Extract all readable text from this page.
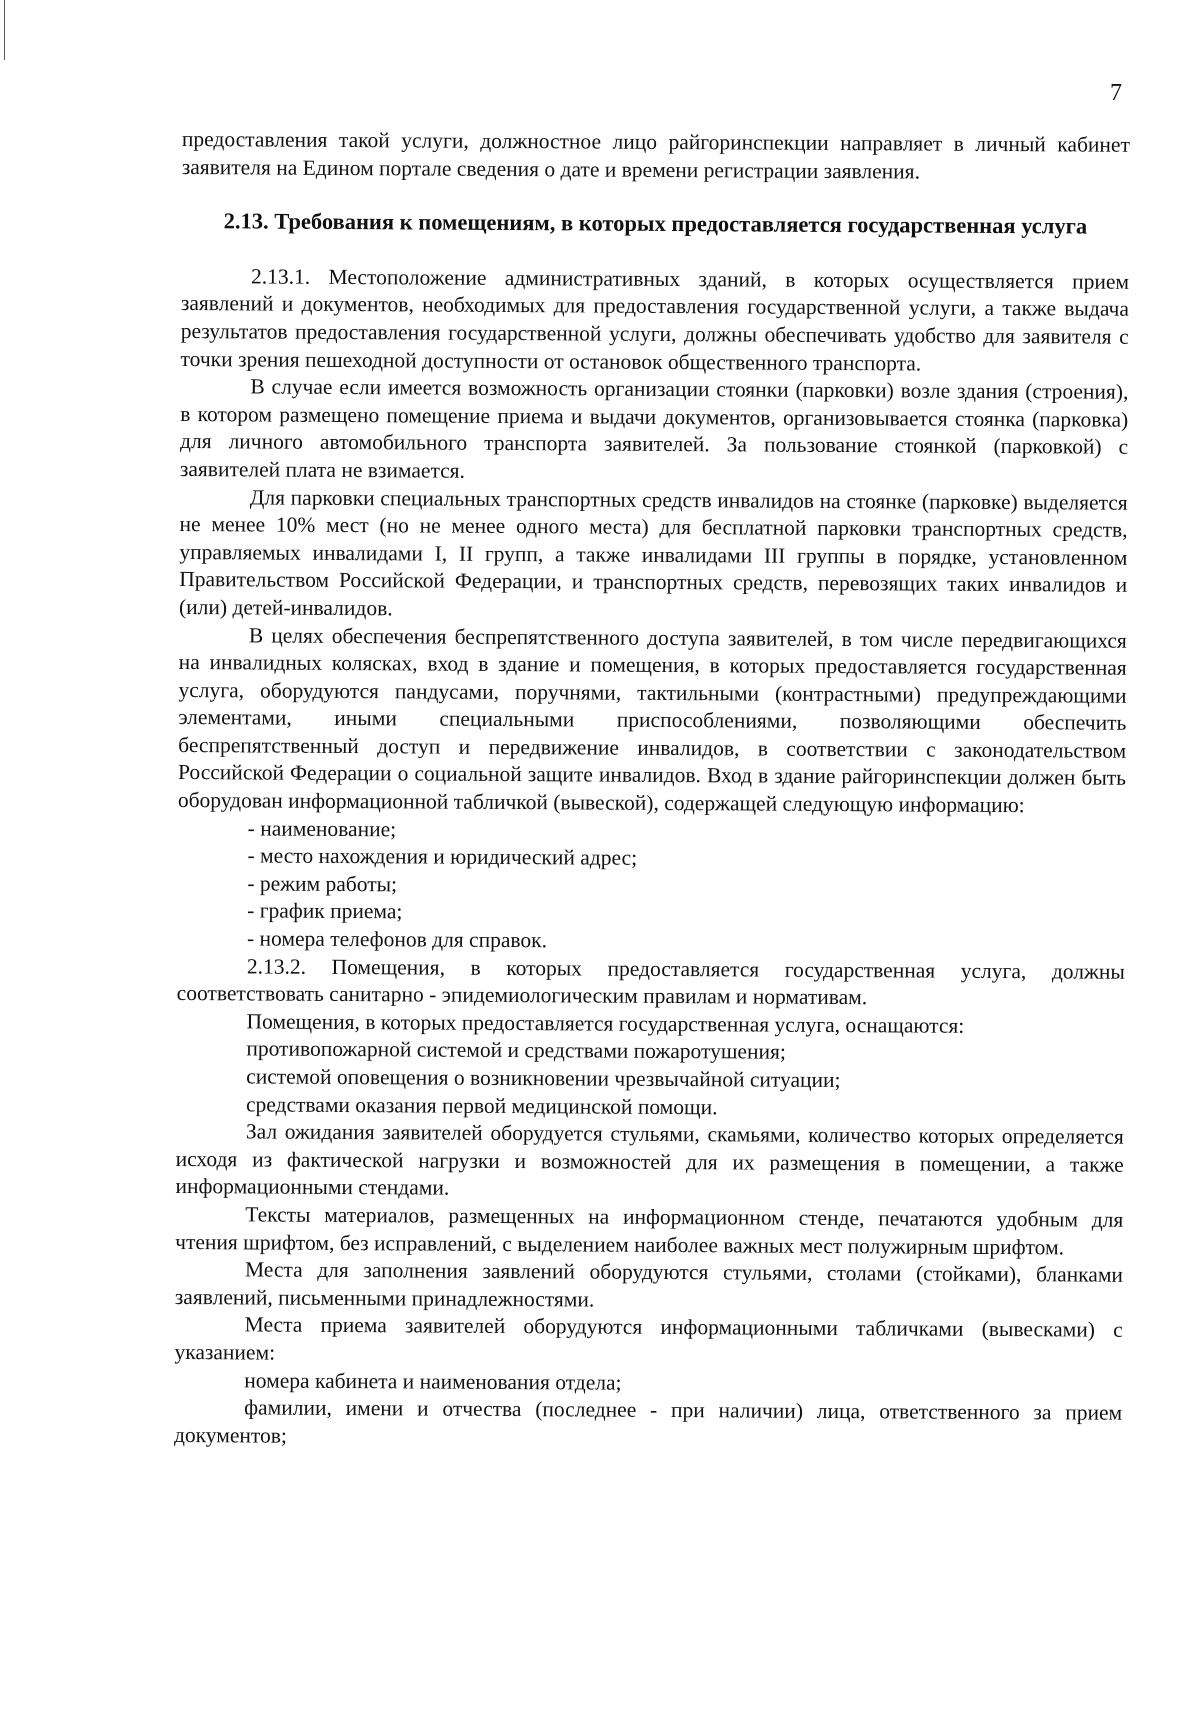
7

предоставления такой услуги, должностное лицо райгоринспекции направляет в личный кабинет заявителя на Едином портале сведения о дате и времени регистрации заявления.

2.13. Требования к помещениям, в которых предоставляется государственная услуга

2.13.1. Местоположение административных зданий, в которых осуществляется прием заявлений и документов, необходимых для предоставления государственной услуги, а также выдача результатов предоставления государственной услуги, должны обеспечивать удобство для заявителя с точки зрения пешеходной доступности от остановок общественного транспорта.

В случае если имеется возможность организации стоянки (парковки) возле здания (строения), в котором размещено помещение приема и выдачи документов, организовывается стоянка (парковка) для личного автомобильного транспорта заявителей. За пользование стоянкой (парковкой) с заявителей плата не взимается.

Для парковки специальных транспортных средств инвалидов на стоянке (парковке) выделяется не менее 10% мест (но не менее одного места) для бесплатной парковки транспортных средств, управляемых инвалидами I, II групп, а также инвалидами III группы в порядке, установленном Правительством Российской Федерации, и транспортных средств, перевозящих таких инвалидов и (или) детей-инвалидов.

В целях обеспечения беспрепятственного доступа заявителей, в том числе передвигающихся на инвалидных колясках, вход в здание и помещения, в которых предоставляется государственная услуга, оборудуются пандусами, поручнями, тактильными (контрастными) предупреждающими элементами, иными специальными приспособлениями, позволяющими обеспечить беспрепятственный доступ и передвижение инвалидов, в соответствии с законодательством Российской Федерации о социальной защите инвалидов. Вход в здание райгоринспекции должен быть оборудован информационной табличкой (вывеской), содержащей следующую информацию:

- наименование;

- место нахождения и юридический адрес;

- режим работы;

- график приема;

- номера телефонов для справок.

2.13.2. Помещения, в которых предоставляется государственная услуга, должны соответствовать санитарно - эпидемиологическим правилам и нормативам.

Помещения, в которых предоставляется государственная услуга, оснащаются:

противопожарной системой и средствами пожаротушения;

системой оповещения о возникновении чрезвычайной ситуации;

средствами оказания первой медицинской помощи.

Зал ожидания заявителей оборудуется стульями, скамьями, количество которых определяется исходя из фактической нагрузки и возможностей для их размещения в помещении, а также информационными стендами.

Тексты материалов, размещенных на информационном стенде, печатаются удобным для чтения шрифтом, без исправлений, с выделением наиболее важных мест полужирным шрифтом.

Места для заполнения заявлений оборудуются стульями, столами (стойками), бланками заявлений, письменными принадлежностями.

Места приема заявителей оборудуются информационными табличками (вывесками) с указанием:

номера кабинета и наименования отдела;

фамилии, имени и отчества (последнее - при наличии) лица, ответственного за прием документов;
